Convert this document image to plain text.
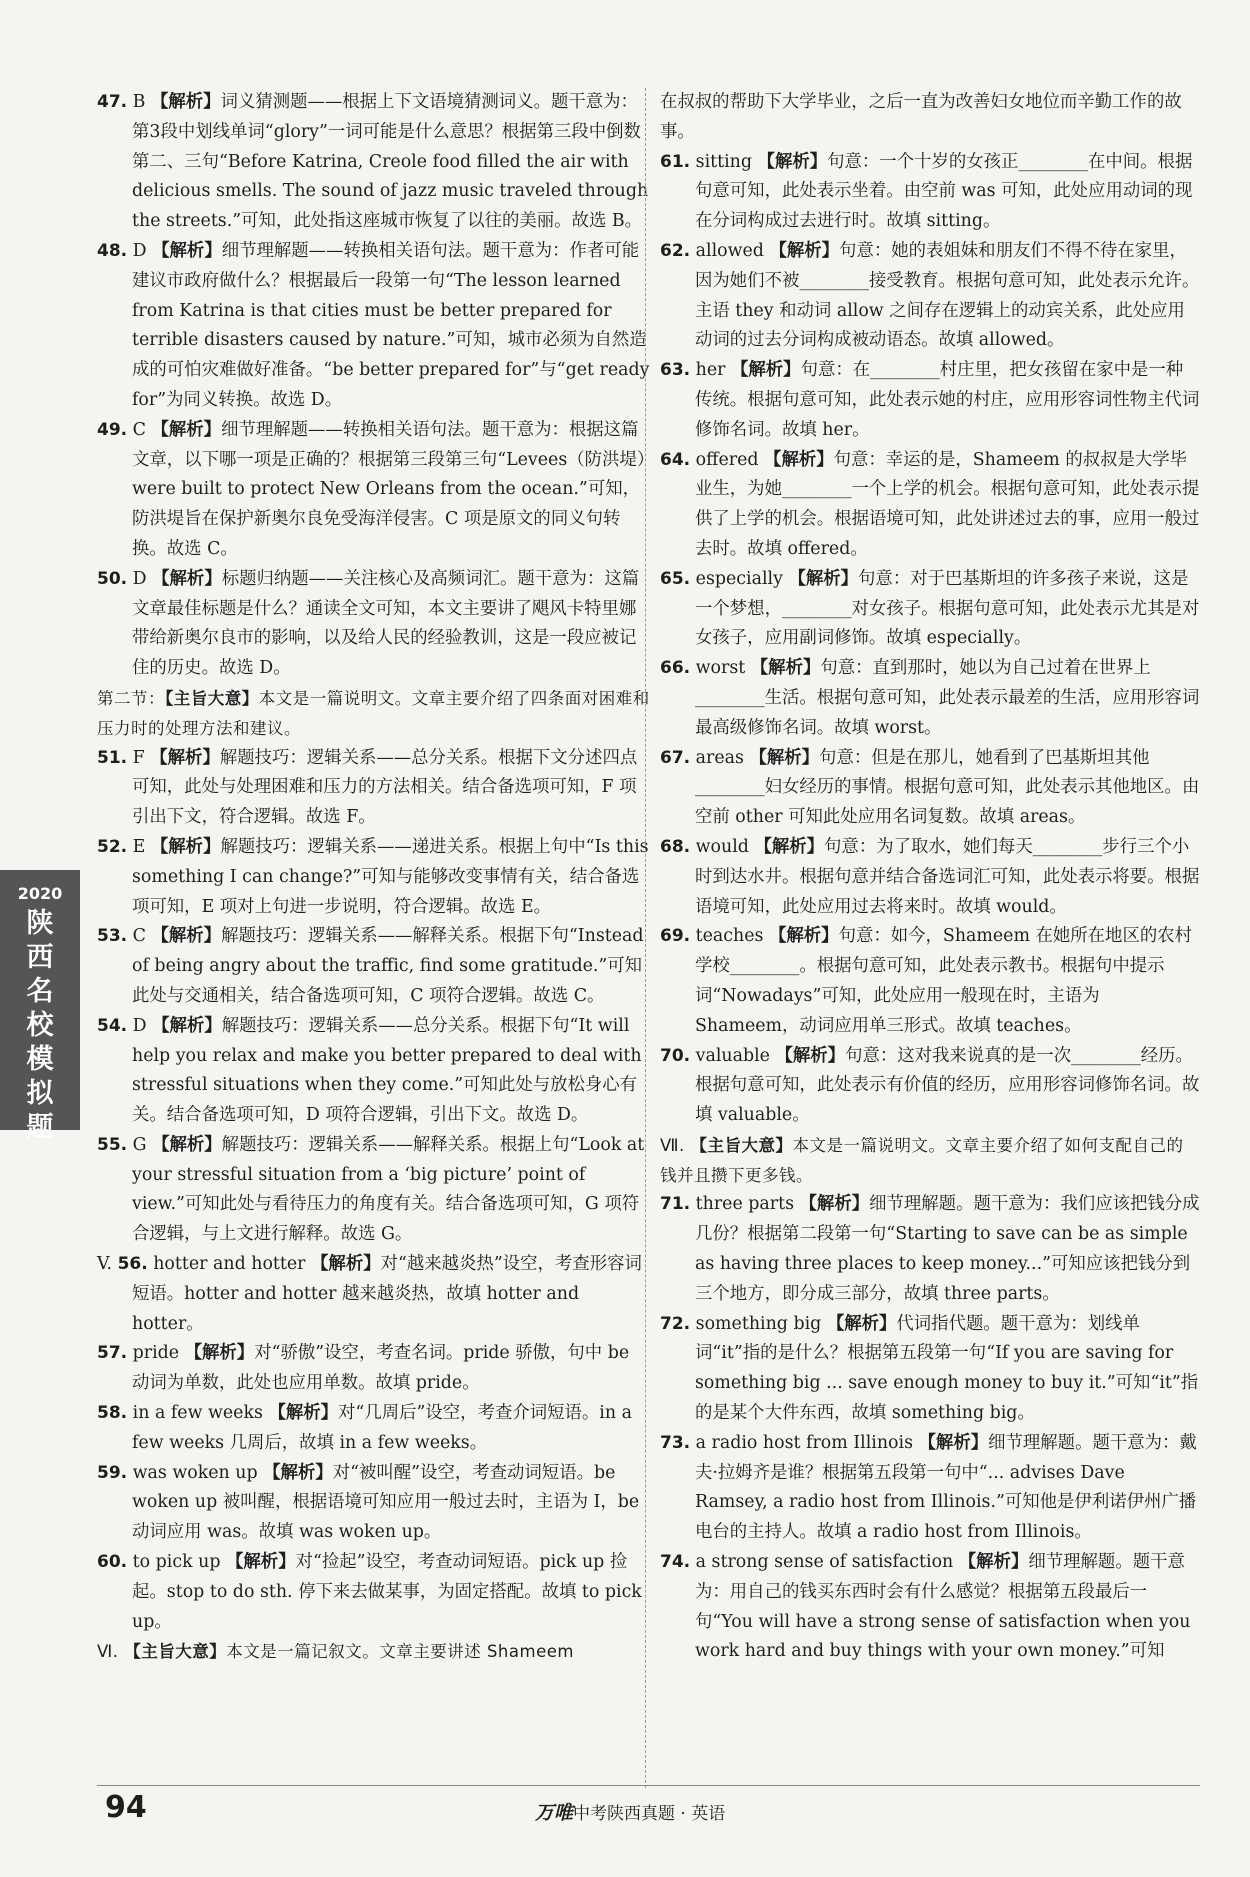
47. B 【解析】词义猜测题——根据上下文语境猜测词义。题干意为：第3段中划线单词“glory”一词可能是什么意思？根据第三段中倒数第二、三句“Before Katrina, Creole food filled the air with delicious smells. The sound of jazz music traveled through the streets.”可知，此处指这座城市恢复了以往的美丽。故选 B。

48. D 【解析】细节理解题——转换相关语句法。题干意为：作者可能建议市政府做什么？根据最后一段第一句“The lesson learned from Katrina is that cities must be better prepared for terrible disasters caused by nature.”可知，城市必须为自然造成的可怕灾难做好准备。“be better prepared for”与“get ready for”为同义转换。故选 D。

49. C 【解析】细节理解题——转换相关语句法。题干意为：根据这篇文章，以下哪一项是正确的？根据第三段第三句“Levees（防洪堤）were built to protect New Orleans from the ocean.”可知，防洪堤旨在保护新奥尔良免受海洋侵害。C 项是原文的同义句转换。故选 C。

50. D 【解析】标题归纳题——关注核心及高频词汇。题干意为：这篇文章最佳标题是什么？通读全文可知，本文主要讲了飓风卡特里娜带给新奥尔良市的影响，以及给人民的经验教训，这是一段应被记住的历史。故选 D。

第二节：【主旨大意】本文是一篇说明文。文章主要介绍了四条面对困难和压力时的处理方法和建议。

51. F 【解析】解题技巧：逻辑关系——总分关系。根据下文分述四点可知，此处与处理困难和压力的方法相关。结合备选项可知，F 项引出下文，符合逻辑。故选 F。

52. E 【解析】解题技巧：逻辑关系——递进关系。根据上句中“Is this something I can change?”可知与能够改变事情有关，结合备选项可知，E 项对上句进一步说明，符合逻辑。故选 E。

53. C 【解析】解题技巧：逻辑关系——解释关系。根据下句“Instead of being angry about the traffic, find some gratitude.”可知此处与交通相关，结合备选项可知，C 项符合逻辑。故选 C。

54. D 【解析】解题技巧：逻辑关系——总分关系。根据下句“It will help you relax and make you better prepared to deal with stressful situations when they come.”可知此处与放松身心有关。结合备选项可知，D 项符合逻辑，引出下文。故选 D。

55. G 【解析】解题技巧：逻辑关系——解释关系。根据上句“Look at your stressful situation from a ‘big picture’ point of view.”可知此处与看待压力的角度有关。结合备选项可知，G 项符合逻辑，与上文进行解释。故选 G。

V. 56. hotter and hotter 【解析】对“越来越炎热”设空，考查形容词短语。hotter and hotter 越来越炎热，故填 hotter and hotter。

57. pride 【解析】对“骄傲”设空，考查名词。pride 骄傲，句中 be 动词为单数，此处也应用单数。故填 pride。

58. in a few weeks 【解析】对“几周后”设空，考查介词短语。in a few weeks 几周后，故填 in a few weeks。

59. was woken up 【解析】对“被叫醒”设空，考查动词短语。be woken up 被叫醒，根据语境可知应用一般过去时，主语为 I，be 动词应用 was。故填 was woken up。

60. to pick up 【解析】对“捡起”设空，考查动词短语。pick up 捡起。stop to do sth. 停下来去做某事，为固定搭配。故填 to pick up。

Ⅵ. 【主旨大意】本文是一篇记叙文。文章主要讲述 Shameem

在叔叔的帮助下大学毕业，之后一直为改善妇女地位而辛勤工作的故事。

61. sitting 【解析】句意：一个十岁的女孩正________在中间。根据句意可知，此处表示坐着。由空前 was 可知，此处应用动词的现在分词构成过去进行时。故填 sitting。

62. allowed 【解析】句意：她的表姐妹和朋友们不得不待在家里，因为她们不被________接受教育。根据句意可知，此处表示允许。主语 they 和动词 allow 之间存在逻辑上的动宾关系，此处应用动词的过去分词构成被动语态。故填 allowed。

63. her 【解析】句意：在________村庄里，把女孩留在家中是一种传统。根据句意可知，此处表示她的村庄，应用形容词性物主代词修饰名词。故填 her。

64. offered 【解析】句意：幸运的是，Shameem 的叔叔是大学毕业生，为她________一个上学的机会。根据句意可知，此处表示提供了上学的机会。根据语境可知，此处讲述过去的事，应用一般过去时。故填 offered。

65. especially 【解析】句意：对于巴基斯坦的许多孩子来说，这是一个梦想，________对女孩子。根据句意可知，此处表示尤其是对女孩子，应用副词修饰。故填 especially。

66. worst 【解析】句意：直到那时，她以为自己过着在世界上________生活。根据句意可知，此处表示最差的生活，应用形容词最高级修饰名词。故填 worst。

67. areas 【解析】句意：但是在那儿，她看到了巴基斯坦其他________妇女经历的事情。根据句意可知，此处表示其他地区。由空前 other 可知此处应用名词复数。故填 areas。

68. would 【解析】句意：为了取水，她们每天________步行三个小时到达水井。根据句意并结合备选词汇可知，此处表示将要。根据语境可知，此处应用过去将来时。故填 would。

69. teaches 【解析】句意：如今，Shameem 在她所在地区的农村学校________。根据句意可知，此处表示教书。根据句中提示词“Nowadays”可知，此处应用一般现在时，主语为 Shameem，动词应用单三形式。故填 teaches。

70. valuable 【解析】句意：这对我来说真的是一次________经历。根据句意可知，此处表示有价值的经历，应用形容词修饰名词。故填 valuable。

Ⅶ. 【主旨大意】本文是一篇说明文。文章主要介绍了如何支配自己的钱并且攒下更多钱。

71. three parts 【解析】细节理解题。题干意为：我们应该把钱分成几份？根据第二段第一句“Starting to save can be as simple as having three places to keep money...”可知应该把钱分到三个地方，即分成三部分，故填 three parts。

72. something big 【解析】代词指代题。题干意为：划线单词“it”指的是什么？根据第五段第一句“If you are saving for something big ... save enough money to buy it.”可知“it”指的是某个大件东西，故填 something big。

73. a radio host from Illinois 【解析】细节理解题。题干意为：戴夫·拉姆齐是谁？根据第五段第一句中“... advises Dave Ramsey, a radio host from Illinois.”可知他是伊利诺伊州广播电台的主持人。故填 a radio host from Illinois。

74. a strong sense of satisfaction 【解析】细节理解题。题干意为：用自己的钱买东西时会有什么感觉？根据第五段最后一句“You will have a strong sense of satisfaction when you work hard and buy things with your own money.”可知

2020
陕
西
名
校
模
拟
题
94	万唯中考陕西真题 · 英语
